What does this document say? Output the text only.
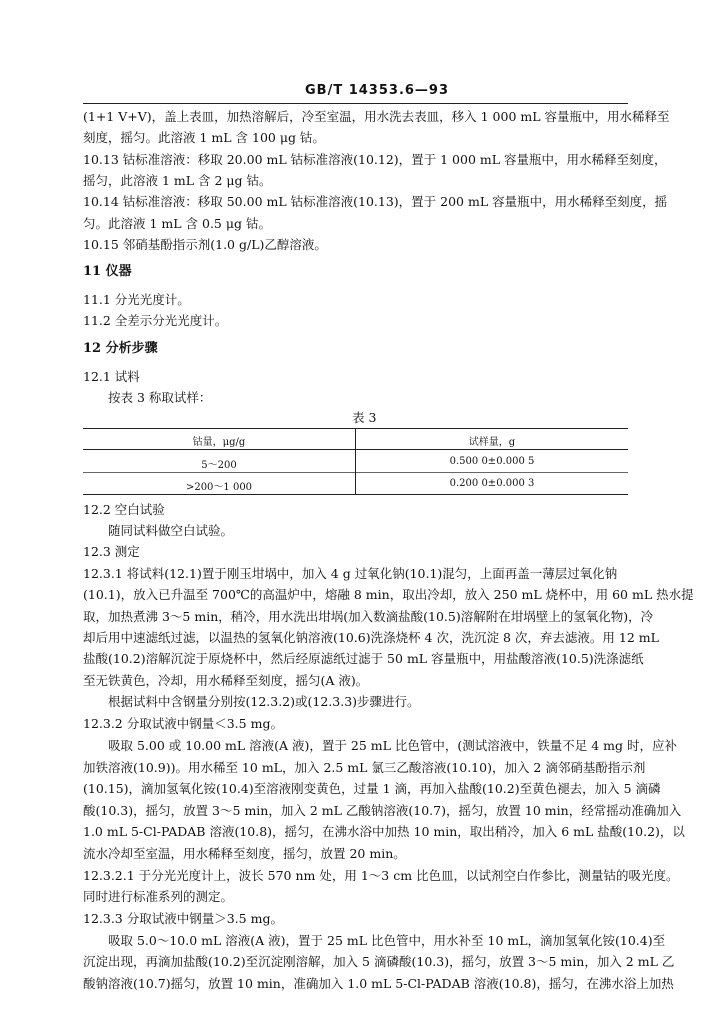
GB/T 14353.6—93
(1+1 V+V)，盖上表皿，加热溶解后，冷至室温，用水洗去表皿，移入 1 000 mL 容量瓶中，用水稀释至
刻度，摇匀。此溶液 1 mL 含 100 μg 钴。
10.13 钴标准溶液：移取 20.00 mL 钴标准溶液(10.12)，置于 1 000 mL 容量瓶中，用水稀释至刻度，
摇匀，此溶液 1 mL 含 2 μg 钴。
10.14 钴标准溶液：移取 50.00 mL 钴标准溶液(10.13)，置于 200 mL 容量瓶中，用水稀释至刻度，摇
匀。此溶液 1 mL 含 0.5 μg 钴。
10.15 邻硝基酚指示剂(1.0 g/L)乙醇溶液。
11 仪器
11.1 分光光度计。
11.2 全差示分光光度计。
12 分析步骤
12.1 试料
按表 3 称取试样：
表 3
12.2 空白试验
随同试料做空白试验。
12.3 测定
12.3.1 将试料(12.1)置于刚玉坩埚中，加入 4 g 过氧化钠(10.1)混匀，上面再盖一薄层过氧化钠
(10.1)，放入已升温至 700℃的高温炉中，熔融 8 min，取出冷却，放入 250 mL 烧杯中，用 60 mL 热水提
取，加热煮沸 3～5 min，稍冷，用水洗出坩埚(加入数滴盐酸(10.5)溶解附在坩埚壁上的氢氧化物)，冷
却后用中速滤纸过滤，以温热的氢氧化钠溶液(10.6)洗涤烧杯 4 次，洗沉淀 8 次，弃去滤液。用 12 mL
盐酸(10.2)溶解沉淀于原烧杯中，然后经原滤纸过滤于 50 mL 容量瓶中，用盐酸溶液(10.5)洗涤滤纸
至无铁黄色，冷却，用水稀释至刻度，摇匀(A 液)。
根据试料中含钢量分别按(12.3.2)或(12.3.3)步骤进行。
12.3.2 分取试液中钢量＜3.5 mg。
吸取 5.00 或 10.00 mL 溶液(A 液)，置于 25 mL 比色管中，(测试溶液中，铁量不足 4 mg 时，应补
加铁溶液(10.9))。用水稀至 10 mL，加入 2.5 mL 氯三乙酸溶液(10.10)，加入 2 滴邻硝基酚指示剂
(10.15)，滴加氢氧化铵(10.4)至溶液刚变黄色，过量 1 滴，再加入盐酸(10.2)至黄色褪去，加入 5 滴磷
酸(10.3)，摇匀，放置 3～5 min，加入 2 mL 乙酸钠溶液(10.7)，摇匀，放置 10 min，经常摇动准确加入
1.0 mL 5-Cl-PADAB 溶液(10.8)，摇匀，在沸水浴中加热 10 min，取出稍冷，加入 6 mL 盐酸(10.2)，以
流水冷却至室温，用水稀释至刻度，摇匀，放置 20 min。
12.3.2.1 于分光光度计上，波长 570 nm 处，用 1～3 cm 比色皿，以试剂空白作参比，测量钴的吸光度。
同时进行标准系列的测定。
12.3.3 分取试液中钢量＞3.5 mg。
吸取 5.0～10.0 mL 溶液(A 液)，置于 25 mL 比色管中，用水补至 10 mL，滴加氢氧化铵(10.4)至
沉淀出现，再滴加盐酸(10.2)至沉淀刚溶解，加入 5 滴磷酸(10.3)，摇匀，放置 3～5 min，加入 2 mL 乙
酸钠溶液(10.7)摇匀，放置 10 min，准确加入 1.0 mL 5-Cl-PADAB 溶液(10.8)，摇匀，在沸水浴上加热
钴量，μg/g	试样量，g
5～200	0.500 0±0.000 5
>200～1 000	0.200 0±0.000 3
